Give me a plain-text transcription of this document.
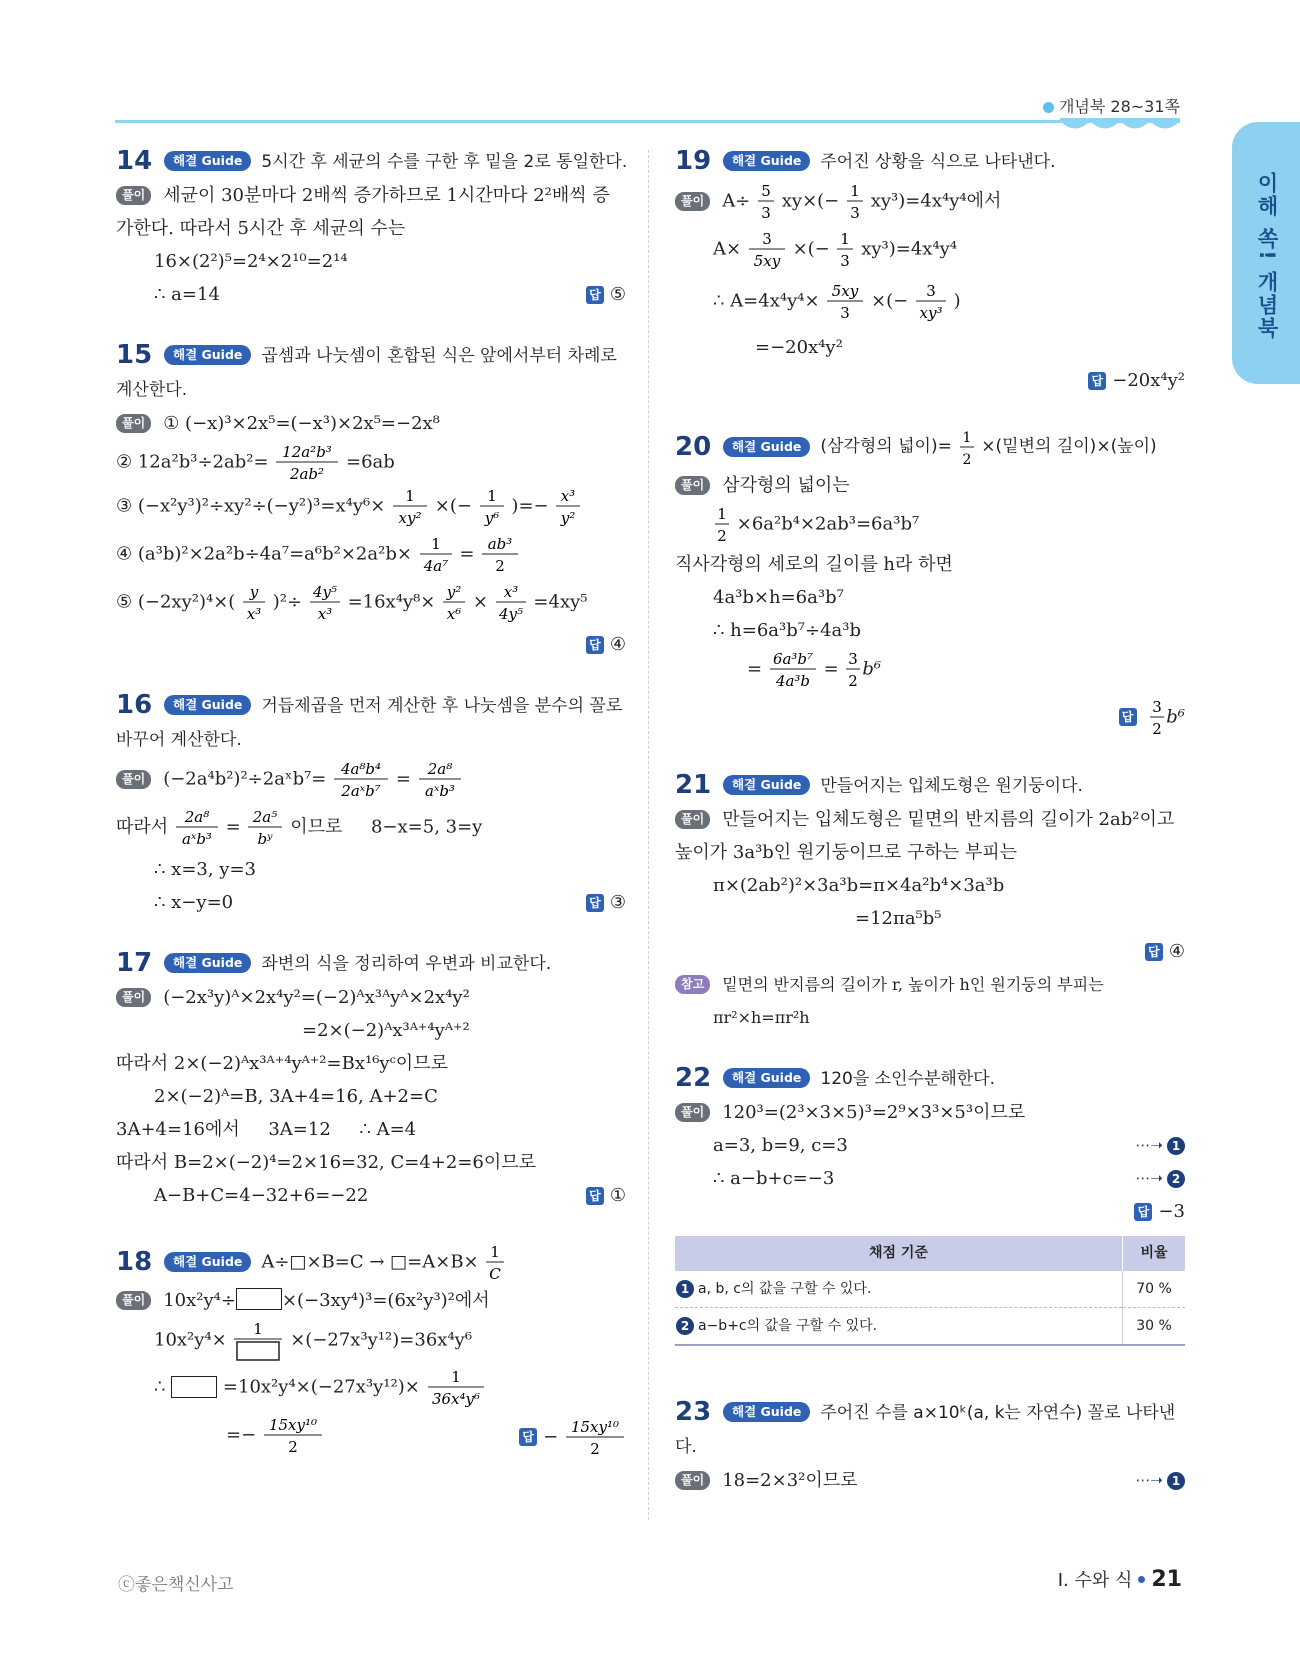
개념북 28~31쪽
이해 쏙! 개념북

14 해결 Guide 5시간 후 세균의 수를 구한 후 밑을 2로 통일한다.

풀이 세균이 30분마다 2배씩 증가하므로 1시간마다 2²배씩 증가한다. 따라서 5시간 후 세균의 수는

16×(2²)⁵=2⁴×2¹⁰=2¹⁴

∴ a=14	답 ⑤

15 해결 Guide 곱셈과 나눗셈이 혼합된 식은 앞에서부터 차례로 계산한다.

풀이 ① (−x)³×2x⁵=(−x³)×2x⁵=−2x⁸

② 12a²b³÷2ab²= 12a²b³
2ab²
=6ab

③ (−x²y³)²÷xy²÷(−y²)³=x⁴y⁶× 1
xy²
×(− 1
y⁶
)=− x³
y²

④ (a³b)²×2a²b÷4a⁷=a⁶b²×2a²b× 1
4a⁷
= ab³
2

⑤ (−2xy²)⁴×( y
x³
)²÷ 4y⁵
x³
=16x⁴y⁸× y²
x⁶
× x³
4y⁵
=4xy⁵

답 ④

16 해결 Guide 거듭제곱을 먼저 계산한 후 나눗셈을 분수의 꼴로 바꾸어 계산한다.

풀이 (−2a⁴b²)²÷2aˣb⁷= 4a⁸b⁴
2aˣb⁷
= 2a⁸
aˣb³

따라서 2a⁸
aˣb³
= 2a⁵
bʸ
이므로     8−x=5, 3=y

∴ x=3, y=3

∴ x−y=0	답 ③

17 해결 Guide 좌변의 식을 정리하여 우변과 비교한다.

풀이 (−2x³y)ᴬ×2x⁴y²=(−2)ᴬx³ᴬyᴬ×2x⁴y²

=2×(−2)ᴬx³ᴬ⁺⁴yᴬ⁺²

따라서 2×(−2)ᴬx³ᴬ⁺⁴yᴬ⁺²=Bx¹⁶yᶜ이므로

2×(−2)ᴬ=B, 3A+4=16, A+2=C

3A+4=16에서     3A=12     ∴ A=4

따라서 B=2×(−2)⁴=2×16=32, C=4+2=6이므로

A−B+C=4−32+6=−22	답 ①

18 해결 Guide A÷□×B=C → □=A×B× 1
C

풀이 10x²y⁴÷	×(−3xy⁴)³=(6x²y³)²에서

10x²y⁴×
1
×(−27x³y¹²)=36x⁴y⁶

∴	=10x²y⁴×(−27x³y¹²)× 1
36x⁴y⁶

=− 15xy¹⁰
2
답 − 15xy¹⁰
2

19 해결 Guide 주어진 상황을 식으로 나타낸다.

풀이 A÷ 5
3
xy×(− 1
3
xy³)=4x⁴y⁴에서

A× 3
5xy
×(− 1
3
xy³)=4x⁴y⁴

∴ A=4x⁴y⁴× 5xy
3
×(− 3
xy³
)

=−20x⁴y²

답 −20x⁴y²

20 해결 Guide (삼각형의 넓이)= 1
2
×(밑변의 길이)×(높이)

풀이 삼각형의 넓이는

1
2
×6a²b⁴×2ab³=6a³b⁷

직사각형의 세로의 길이를 h라 하면

4a³b×h=6a³b⁷

∴ h=6a³b⁷÷4a³b

= 6a³b⁷
4a³b
= 3
2
b⁶

답
3
2
b⁶

21 해결 Guide 만들어지는 입체도형은 원기둥이다.

풀이 만들어지는 입체도형은 밑면의 반지름의 길이가 2ab²이고 높이가 3a³b인 원기둥이므로 구하는 부피는

π×(2ab²)²×3a³b=π×4a²b⁴×3a³b

=12πa⁵b⁵

답 ④

참고 밑면의 반지름의 길이가 r, 높이가 h인 원기둥의 부피는

πr²×h=πr²h

22 해결 Guide 120을 소인수분해한다.

풀이 120³=(2³×3×5)³=2⁹×3³×5³이므로

a=3, b=9, c=3	⋯➝ 1

∴ a−b+c=−3	⋯➝ 2

답 −3

채점 기준	비율
1 a, b, c의 값을 구할 수 있다.	70 %
2 a−b+c의 값을 구할 수 있다.	30 %

23 해결 Guide 주어진 수를 a×10ᵏ(a, k는 자연수) 꼴로 나타낸다.

풀이 18=2×3²이므로	⋯➝ 1

ⓒ좋은책신사고	Ⅰ. 수와 식 21
